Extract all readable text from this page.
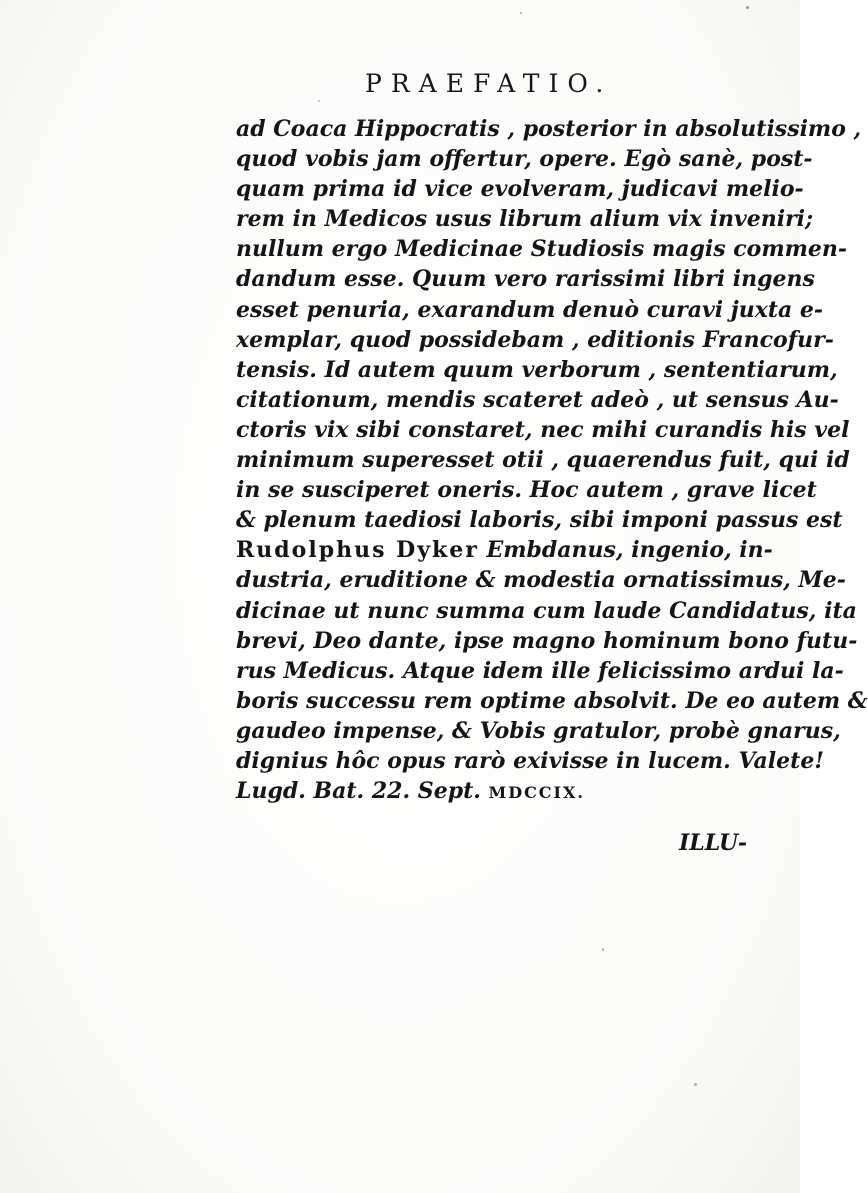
PRAEFATIO.
ad Coaca Hippocratis , posterior in absolutissimo ,
quod vobis jam offertur, opere. Egò sanè, post-
quam prima id vice evolveram, judicavi melio-
rem in Medicos usus librum alium vix inveniri;
nullum ergo Medicinae Studiosis magis commen-
dandum esse. Quum vero rarissimi libri ingens
esset penuria, exarandum denuò curavi juxta e-
xemplar, quod possidebam , editionis Francofur-
tensis. Id autem quum verborum , sententiarum,
citationum, mendis scateret adeò , ut sensus Au-
ctoris vix sibi constaret, nec mihi curandis his vel
minimum superesset otii , quaerendus fuit, qui id
in se susciperet oneris. Hoc autem , grave licet
& plenum taediosi laboris, sibi imponi passus est
Rudolphus Dyker Embdanus, ingenio, in-
dustria, eruditione & modestia ornatissimus, Me-
dicinae ut nunc summa cum laude Candidatus, ita
brevi, Deo dante, ipse magno hominum bono futu-
rus Medicus. Atque idem ille felicissimo ardui la-
boris successu rem optime absolvit. De eo autem &
gaudeo impense, & Vobis gratulor, probè gnarus,
dignius hôc opus rarò exivisse in lucem. Valete!
Lugd. Bat. 22. Sept. MDCCIX.
ILLU-
